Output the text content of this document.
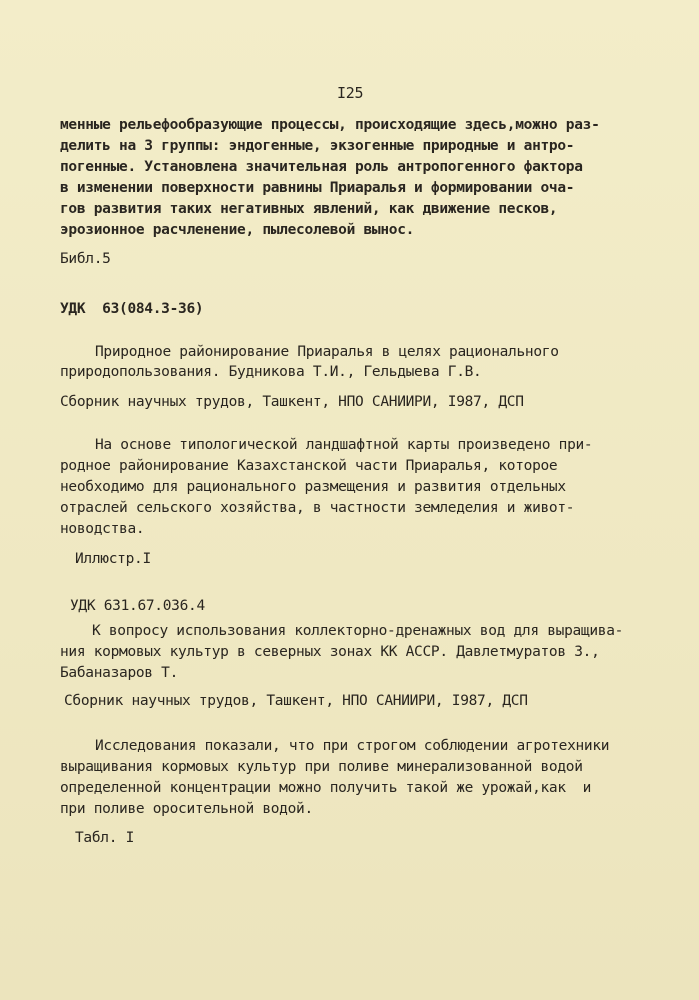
I25
менные рельефообразующие процессы, происходящие здесь,можно раз-
делить на 3 группы: эндогенные, экзогенные природные и антро-
погенные. Установлена значительная роль антропогенного фактора
в изменении поверхности равнины Приаралья и формировании оча-
гов развития таких негативных явлений, как движение песков,
эрозионное расчленение, пылесолевой вынос.
Библ.5
УДК  63(084.3-36)
Природное районирование Приаралья в целях рационального
природопользования. Будникова Т.И., Гельдыева Г.В.
Сборник научных трудов, Ташкент, НПО САНИИРИ, I987, ДСП
На основе типологической ландшафтной карты произведено при-
родное районирование Казахстанской части Приаралья, которое
необходимо для рационального размещения и развития отдельных
отраслей сельского хозяйства, в частности земледелия и живот-
новодства.
Иллюстр.I
УДК 631.67.036.4
К вопросу использования коллекторно-дренажных вод для выращива-
ния кормовых культур в северных зонах КК АССР. Давлетмуратов З.,
Бабаназаров Т.
Сборник научных трудов, Ташкент, НПО САНИИРИ, I987, ДСП
Исследования показали, что при строгом соблюдении агротехники
выращивания кормовых культур при поливе минерализованной водой
определенной концентрации можно получить такой же урожай,как  и
при поливе оросительной водой.
Табл. I
